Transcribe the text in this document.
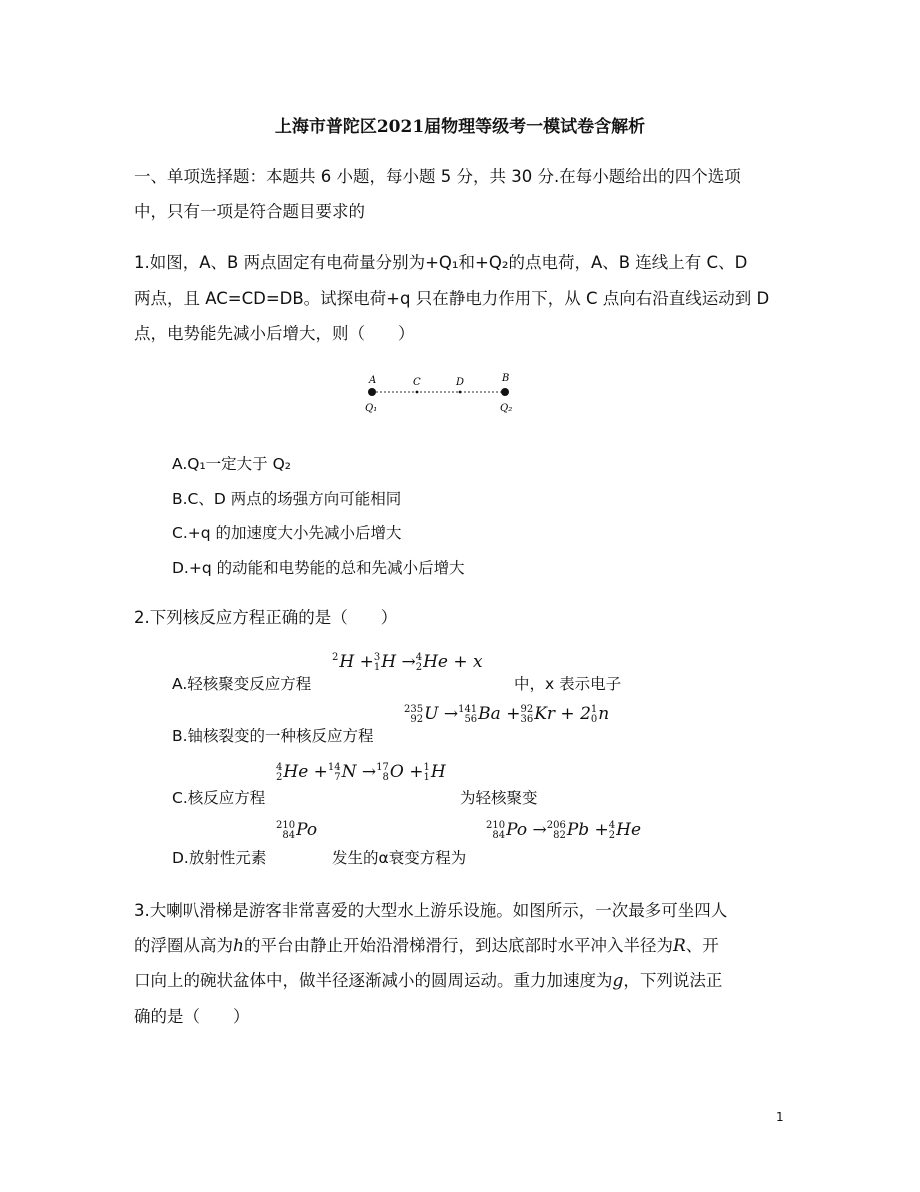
上海市普陀区2021届物理等级考一模试卷含解析
一、单项选择题：本题共 6 小题，每小题 5 分，共 30 分.在每小题给出的四个选项
中，只有一项是符合题目要求的
1.如图，A、B 两点固定有电荷量分别为+Q₁和+Q₂的点电荷，A、B 连线上有 C、D
两点，且 AC=CD=DB。试探电荷+q 只在静电力作用下，从 C 点向右沿直线运动到 D
点，电势能先减小后增大，则（　　）
A	C	D	B
Q₁	Q₂
A.Q₁一定大于 Q₂
B.C、D 两点的场强方向可能相同
C.+q 的加速度大小先减小后增大
D.+q 的动能和电势能的总和先减小后增大
2.下列核反应方程正确的是（　　）
A.轻核聚变反应方程
2
H + 3
1 H → 4
2 He + x
中，x 表示电子
B.铀核裂变的一种核反应方程
235
92 U → 141
56 Ba + 92
36 Kr + 2 1
0 n
C.核反应方程
4
2 He + 14
7 N → 17
8 O + 1
1 H
为轻核聚变
D.放射性元素
210
84 Po
发生的α衰变方程为
210
84 Po → 206
82 Pb + 4
2 He
3.大喇叭滑梯是游客非常喜爱的大型水上游乐设施。如图所示，一次最多可坐四人
的浮圈从高为h的平台由静止开始沿滑梯滑行，到达底部时水平冲入半径为R、开
口向上的碗状盆体中，做半径逐渐减小的圆周运动。重力加速度为g，下列说法正
确的是（　　）
1
